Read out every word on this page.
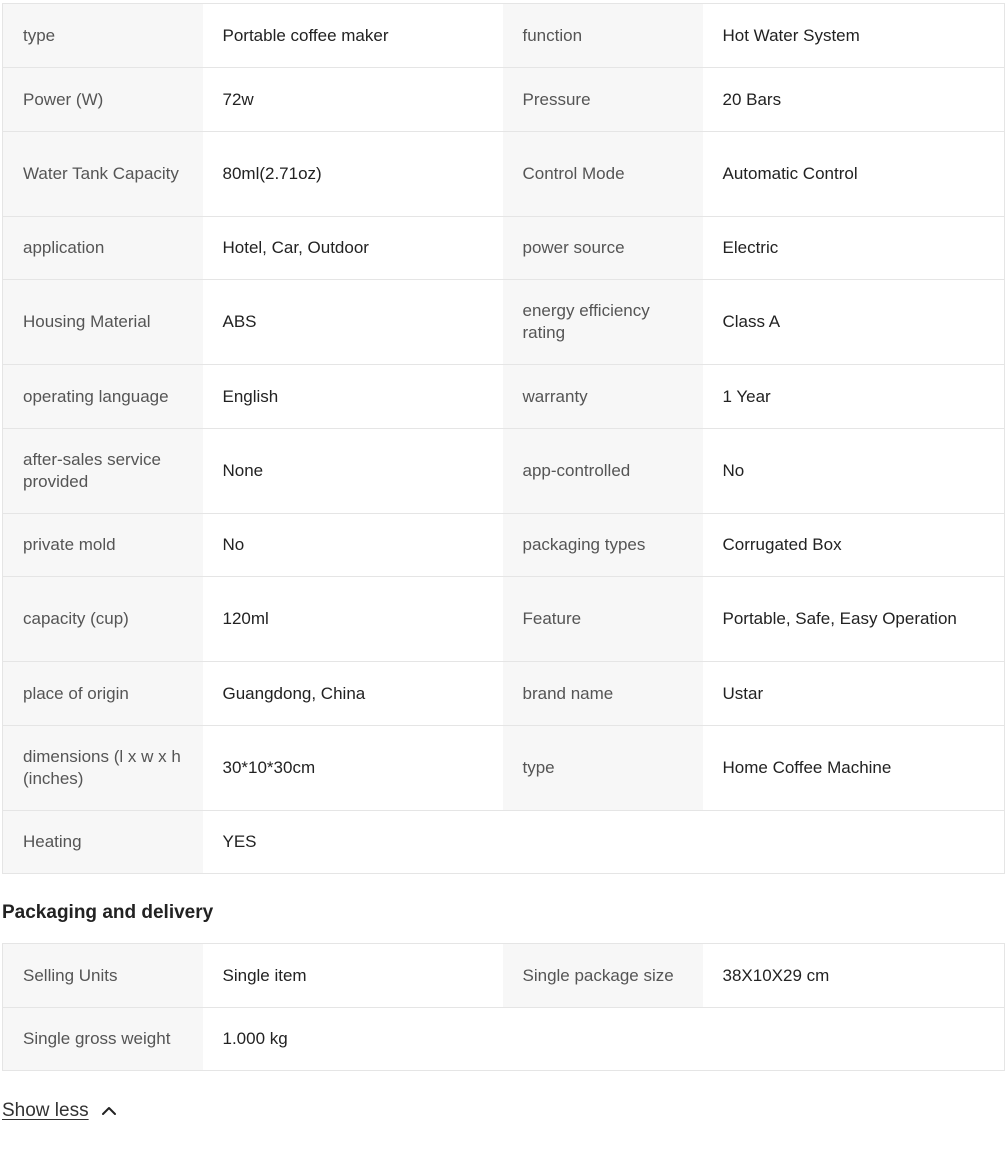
type	Portable coffee maker	function	Hot Water System
Power (W)	72w	Pressure	20 Bars
Water Tank Capacity	80ml(2.71oz)	Control Mode	Automatic Control
application	Hotel, Car, Outdoor	power source	Electric
Housing Material	ABS	energy efficiency rating	Class A
operating language	English	warranty	1 Year
after-sales service provided	None	app-controlled	No
private mold	No	packaging types	Corrugated Box
capacity (cup)	120ml	Feature	Portable, Safe, Easy Operation
place of origin	Guangdong, China	brand name	Ustar
dimensions (l x w x h (inches)	30*10*30cm	type	Home Coffee Machine
Heating	YES		
Packaging and delivery
Selling Units	Single item	Single package size	38X10X29 cm
Single gross weight	1.000 kg		
Show less
